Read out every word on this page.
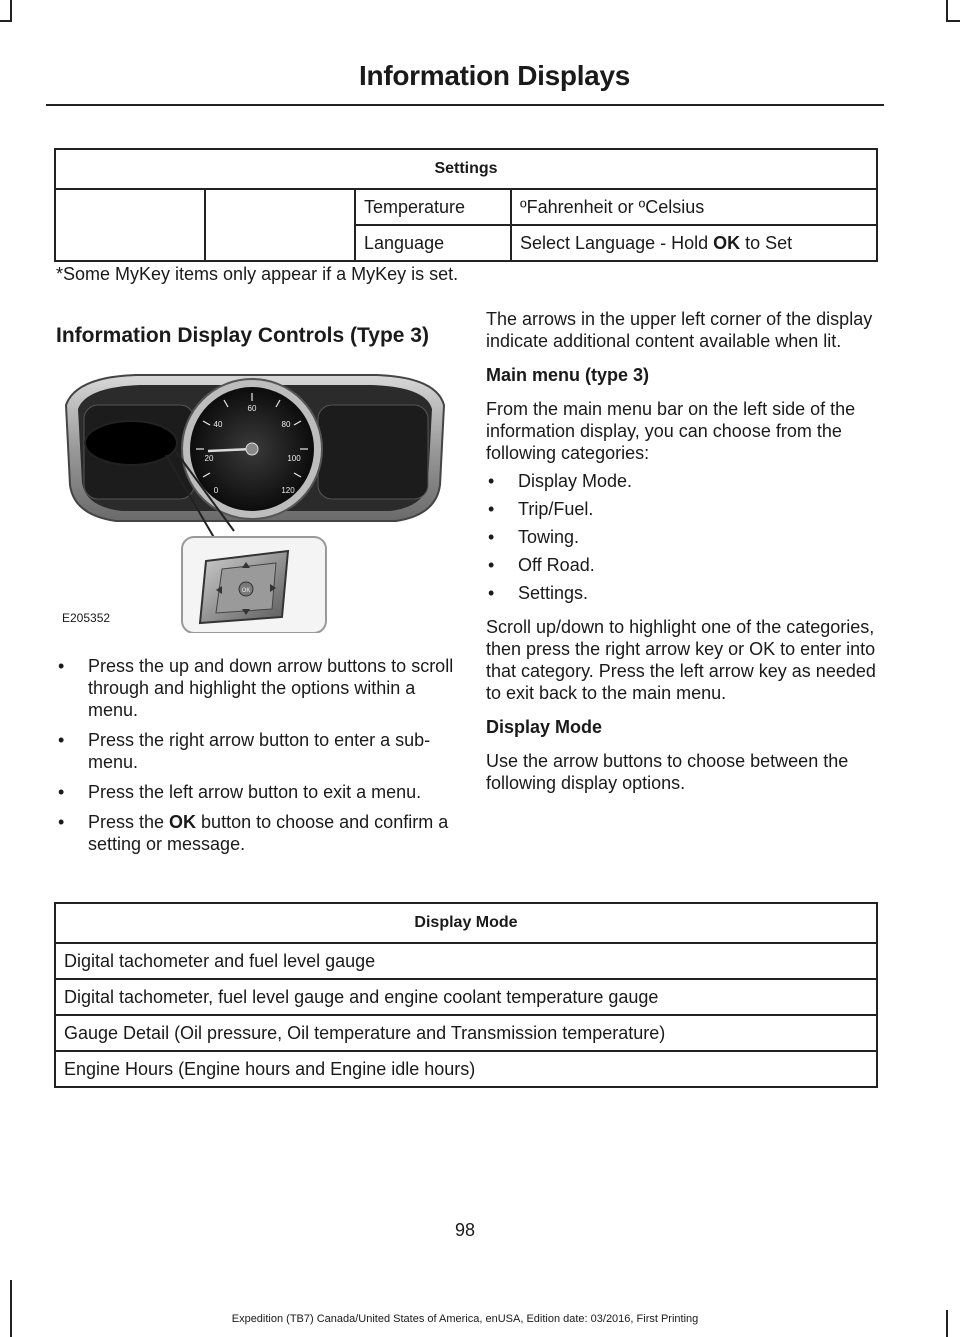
Information Displays
Settings			
		Temperature	ºFahrenheit or ºCelsius
		Language	Select Language - Hold OK to Set
*Some MyKey items only appear if a MyKey is set.
Information Display Controls (Type 3)
0
20
40
60
80
100
120
OK
E205352
• Press the up and down arrow buttons to scroll through and highlight the options within a menu.
• Press the right arrow button to enter a sub-menu.
• Press the left arrow button to exit a menu.
• Press the OK button to choose and confirm a setting or message.

The arrows in the upper left corner of the display indicate additional content available when lit.

Main menu (type 3)

From the main menu bar on the left side of the information display, you can choose from the following categories:

• Display Mode.
• Trip/Fuel.
• Towing.
• Off Road.
• Settings.

Scroll up/down to highlight one of the categories, then press the right arrow key or OK to enter into that category. Press the left arrow key as needed to exit back to the main menu.

Display Mode

Use the arrow buttons to choose between the following display options.

Display Mode
Digital tachometer and fuel level gauge
Digital tachometer, fuel level gauge and engine coolant temperature gauge
Gauge Detail (Oil pressure, Oil temperature and Transmission temperature)
Engine Hours (Engine hours and Engine idle hours)
98
Expedition (TB7) Canada/United States of America, enUSA, Edition date: 03/2016, First Printing
